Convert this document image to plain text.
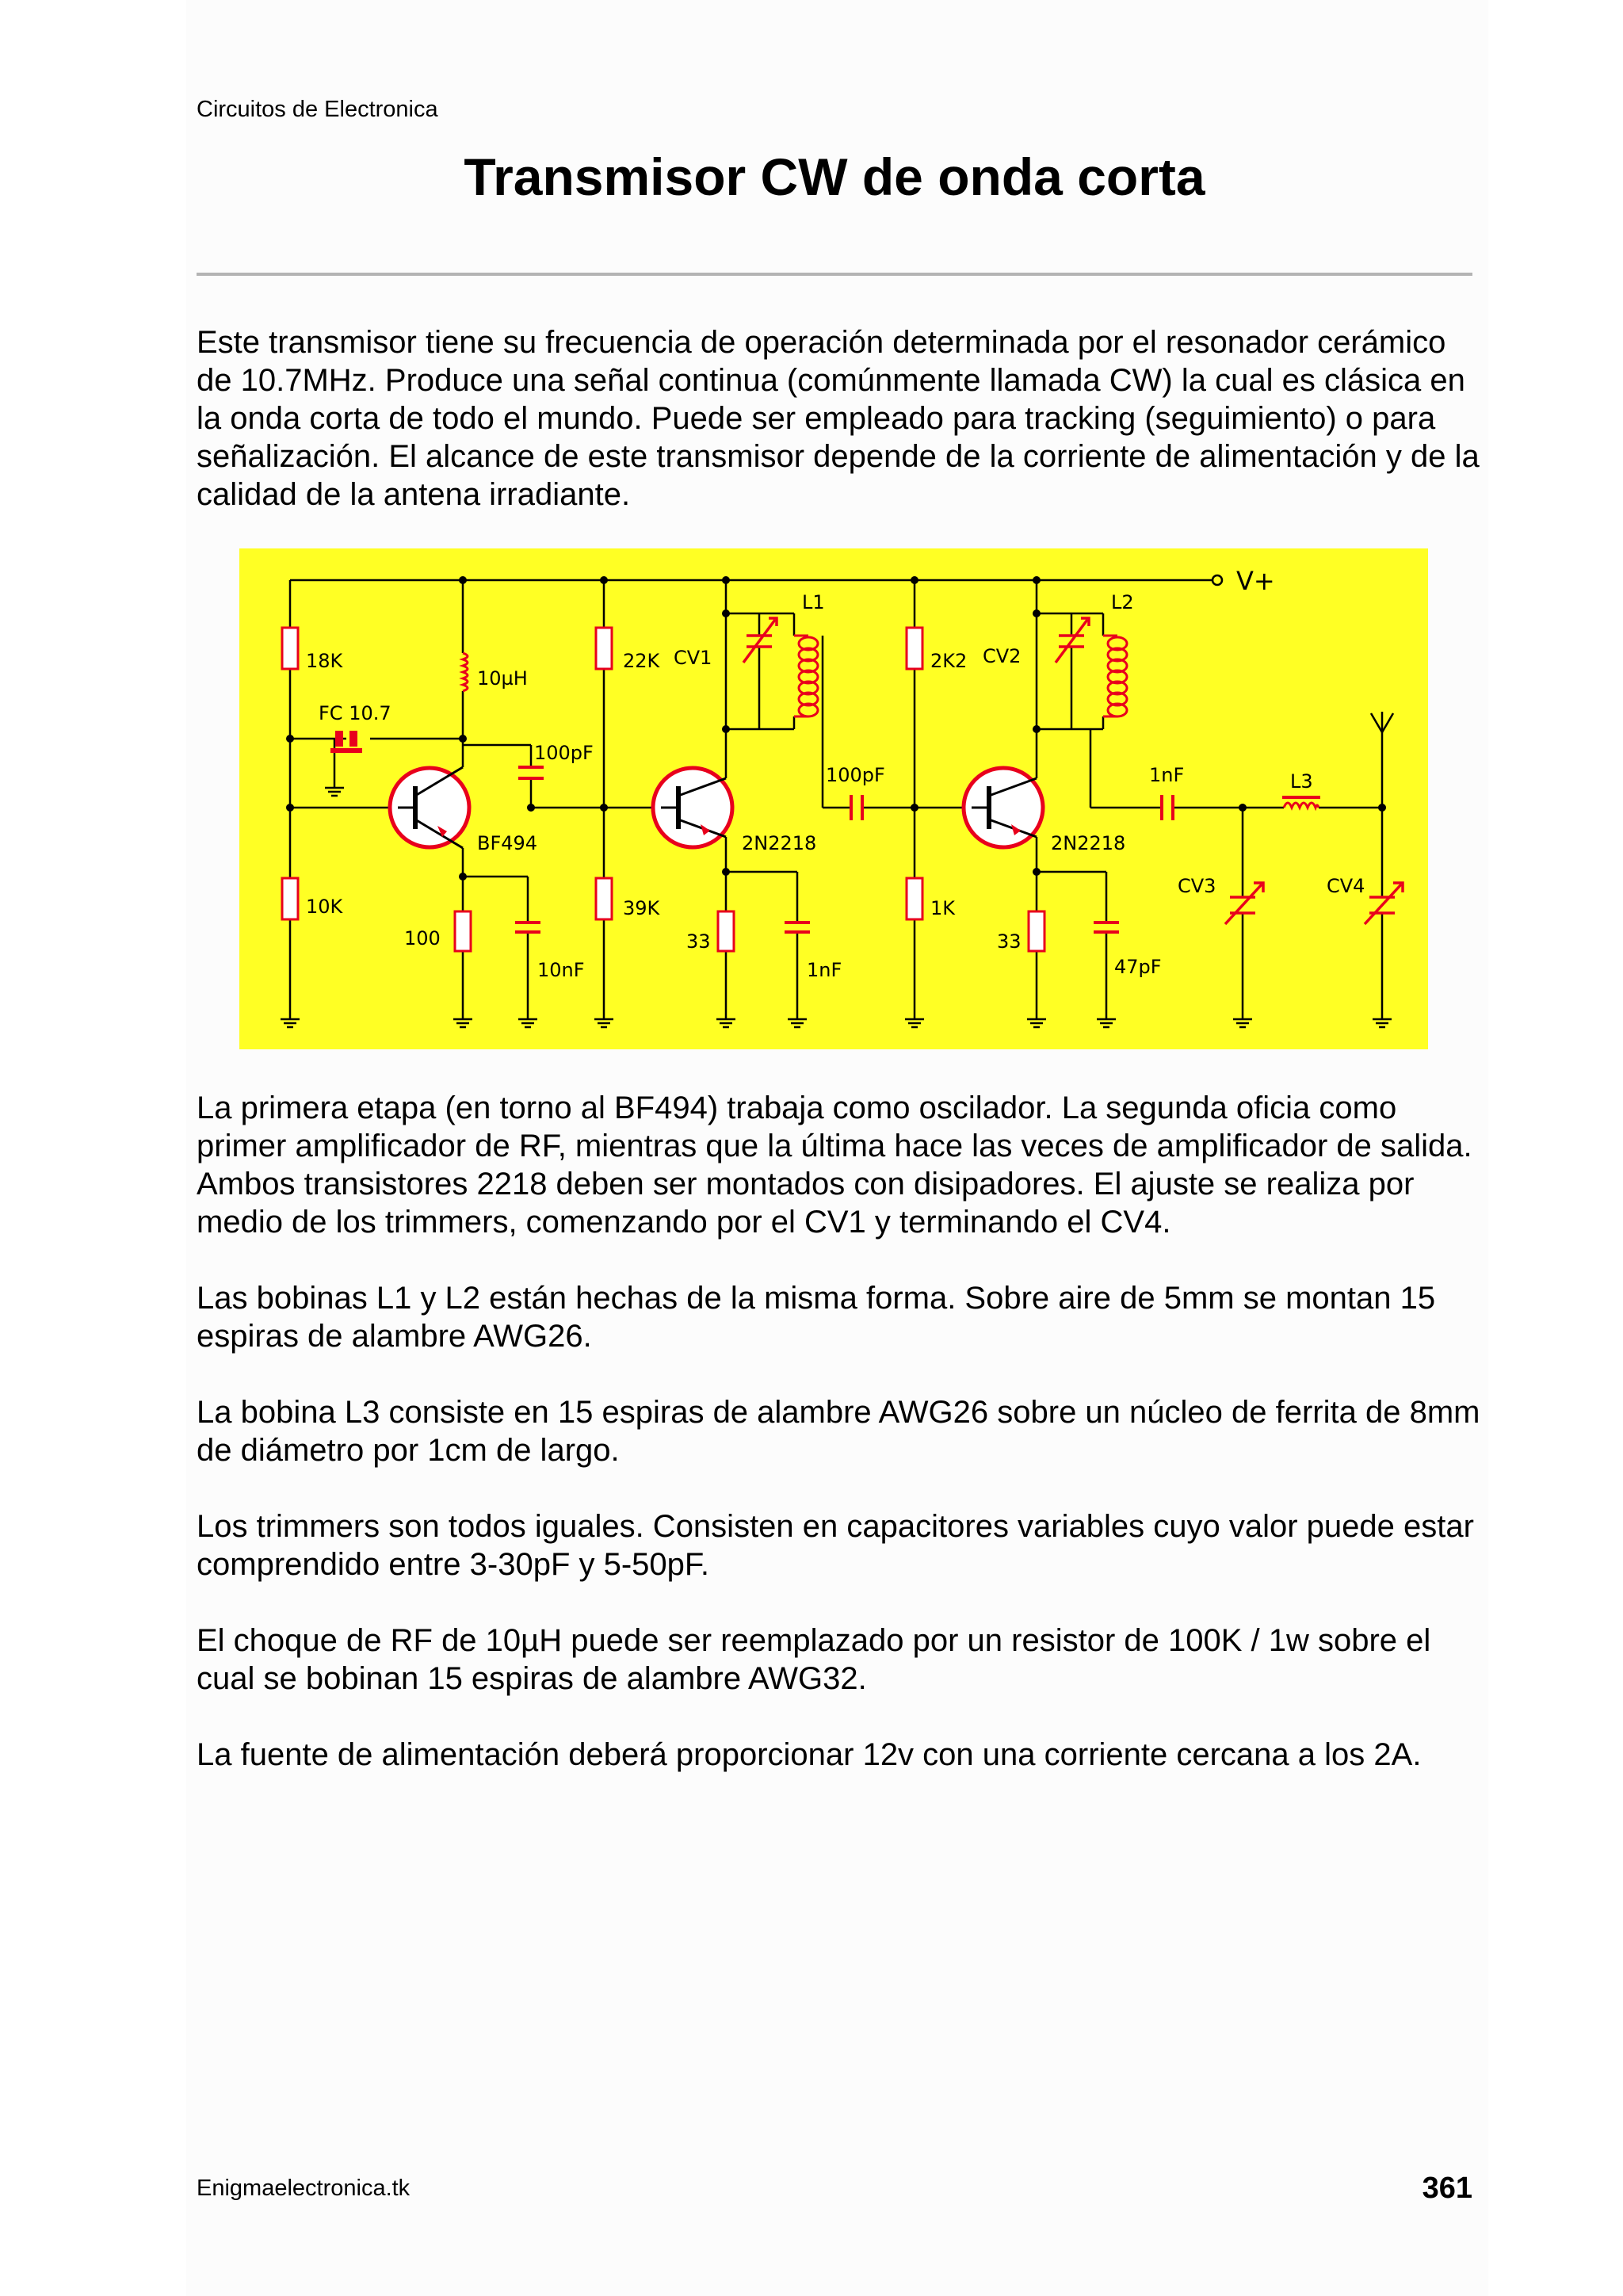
Circuitos de Electronica
Transmisor CW de onda corta

Este transmisor tiene su frecuencia de operación determinada por el resonador cerámico de 10.7MHz. Produce una señal continua (comúnmente llamada CW) la cual es clásica en la onda corta de todo el mundo. Puede ser empleado para tracking (seguimiento) o para señalización. El alcance de este transmisor depende de la corriente de alimentación y de la calidad de la antena irradiante.

V+
18K
10µH
FC 10.7
100pF
BF494
10K
100
10nF
22K CV1
L1
100pF
2N2218
39K
33
1nF
2K2 CV2
L2
1nF
2N2218
1K
33
47pF
L3
CV3	CV4

La primera etapa (en torno al BF494) trabaja como oscilador. La segunda oficia como primer amplificador de RF, mientras que la última hace las veces de amplificador de salida. Ambos transistores 2218 deben ser montados con disipadores. El ajuste se realiza por medio de los trimmers, comenzando por el CV1 y terminando el CV4.

Las bobinas L1 y L2 están hechas de la misma forma. Sobre aire de 5mm se montan 15 espiras de alambre AWG26.

La bobina L3 consiste en 15 espiras de alambre AWG26 sobre un núcleo de ferrita de 8mm de diámetro por 1cm de largo.

Los trimmers son todos iguales. Consisten en capacitores variables cuyo valor puede estar comprendido entre 3-30pF y 5-50pF.

El choque de RF de 10µH puede ser reemplazado por un resistor de 100K / 1w sobre el cual se bobinan 15 espiras de alambre AWG32.

La fuente de alimentación deberá proporcionar 12v con una corriente cercana a los 2A.

Enigmaelectronica.tk	361
